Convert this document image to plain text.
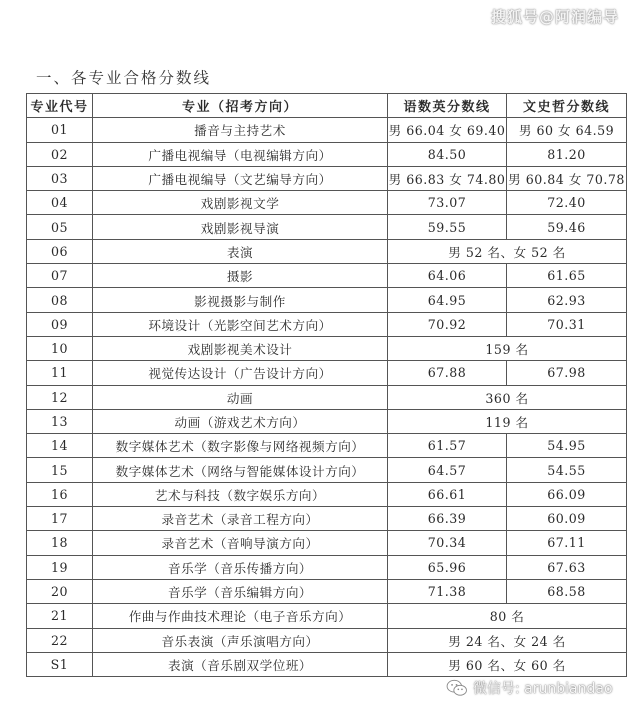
搜狐号@阿润编导
一、各专业合格分数线
专业代号	专业（招考方向）	语数英分数线	文史哲分数线
01	播音与主持艺术	男 66.04 女 69.40	男 60 女 64.59
02	广播电视编导（电视编辑方向）	84.50	81.20
03	广播电视编导（文艺编导方向）	男 66.83 女 74.80	男 60.84 女 70.78
04	戏剧影视文学	73.07	72.40
05	戏剧影视导演	59.55	59.46
06	表演	男 52 名、女 52 名	
07	摄影	64.06	61.65
08	影视摄影与制作	64.95	62.93
09	环境设计（光影空间艺术方向）	70.92	70.31
10	戏剧影视美术设计	159 名	
11	视觉传达设计（广告设计方向）	67.88	67.98
12	动画	360 名	
13	动画（游戏艺术方向）	119 名	
14	数字媒体艺术（数字影像与网络视频方向）	61.57	54.95
15	数字媒体艺术（网络与智能媒体设计方向）	64.57	54.55
16	艺术与科技（数字娱乐方向）	66.61	66.09
17	录音艺术（录音工程方向）	66.39	60.09
18	录音艺术（音响导演方向）	70.34	67.11
19	音乐学（音乐传播方向）	65.96	67.63
20	音乐学（音乐编辑方向）	71.38	68.58
21	作曲与作曲技术理论（电子音乐方向）	80 名	
22	音乐表演（声乐演唱方向）	男 24 名、女 24 名	
S1	表演（音乐剧双学位班）	男 60 名、女 60 名	
微信号: arunbiandao
